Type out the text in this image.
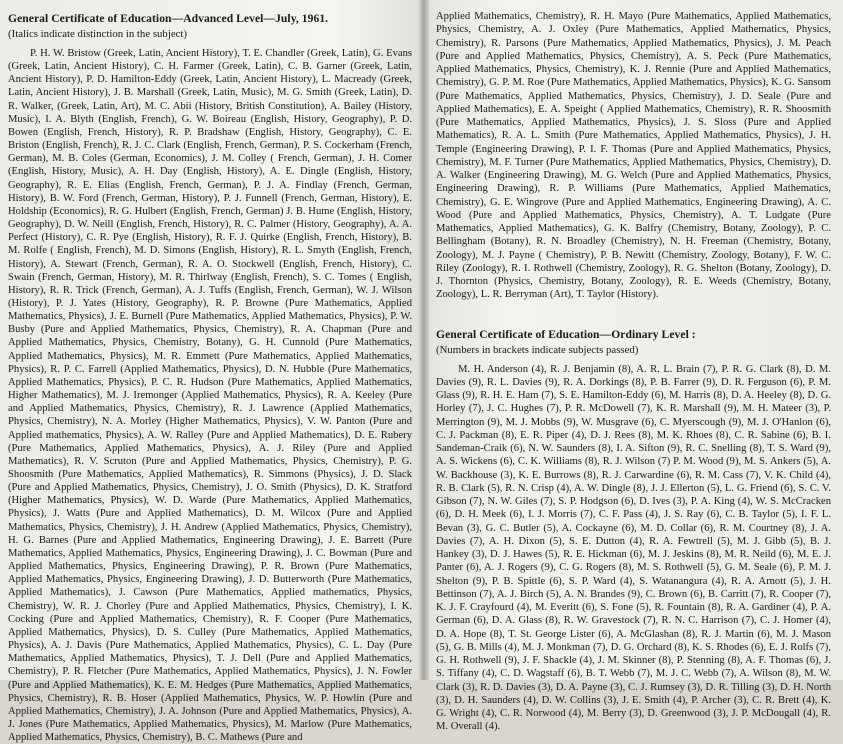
General Certificate of Education—Advanced Level—July, 1961.

(Italics indicate distinction in the subject)

P. H. W. Bristow (Greek, Latin, Ancient History), T. E. Chandler (Greek, Latin), G. Evans (Greek, Latin, Ancient History), C. H. Farmer (Greek, Latin), C. B. Garner (Greek, Latin, Ancient History), P. D. Hamilton-Eddy (Greek, Latin, Ancient History), L. Macready (Greek, Latin, Ancient History), J. B. Marshall (Greek, Latin, Music), M. G. Smith (Greek, Latin), D. R. Walker, (Greek, Latin, Art), M. C. Abii (History, British Constitution), A. Bailey (History, Music), I. A. Blyth (English, French), G. W. Boireau (English, History, Geography), P. D. Bowen (English, French, History), R. P. Bradshaw (English, History, Geography), C. E. Briston (English, French), R. J. C. Clark (English, French, German), P. S. Cockerham (French, German), M. B. Coles (German, Economics), J. M. Colley ( French, German), J. H. Comer (English, History, Music), A. H. Day (English, History), A. E. Dingle (English, History, Geography), R. E. Elias (English, French, German), P. J. A. Findlay (French, German, History), B. W. Ford (French, German, History), P. J. Funnell (French, German, History), E. Holdship (Economics), R. G. Hulbert (English, French, German) J. B. Hume (English, History, Geography), D. W. Neill (English, French, History), R. C. Palmer (History, Geography), A. A. Perfect (History), C. R. Pye (English, History), R. F. J. Quirke (English, French, History), B. M. Rolfe ( English, French), M. D. Simons (English, History), R. L. Smyth (English, French, History), A. Stewart (French, German), R. A. O. Stockwell (English, French, History), C. Swain (French, German, History), M. R. Thirlway (English, French), S. C. Tomes ( English, History), R. R. Trick (French, German), A. J. Tuffs (English, French, German), W. J. Wilson (History), P. J. Yates (History, Geography), R. P. Browne (Pure Mathematics, Applied Mathematics, Physics), J. E. Burnell (Pure Mathematics, Applied Mathematics, Physics), P. W. Busby (Pure and Applied Mathematics, Physics, Chemistry), R. A. Chapman (Pure and Applied Mathematics, Physics, Chemistry, Botany), G. H. Cunnold (Pure Mathematics, Applied Mathematics, Physics), M. R. Emmett (Pure Mathematics, Applied Mathematics, Physics), R. P. C. Farrell (Applied Mathematics, Physics), D. N. Hubble (Pure Mathematics, Applied Mathematics, Physics), P. C. R. Hudson (Pure Mathematics, Applied Mathematics, Higher Mathematics), M. J. Iremonger (Applied Mathematics, Physics), R. A. Keeley (Pure and Applied Mathematics, Physics, Chemistry), R. J. Lawrence (Applied Mathematics, Physics, Chemistry), N. A. Morley (Higher Mathematics, Physics), V. W. Panton (Pure and Applied mathematics, Physics), A. W. Ralley (Pure and Applied Mathematics), D. E. Rubery (Pure Mathematics, Applied Mathematics, Physics), A. J. Riley (Pure and Applied Mathematics), R. V. Scruton (Pure and Applied Mathematics, Physics, Chemistry), P. G. Shoosmith (Pure Mathematics, Applied Mathematics), R. Simmons (Physics), J. D. Slack (Pure and Applied Mathematics, Physics, Chemistry), J. O. Smith (Physics), D. K. Stratford (Higher Mathematics, Physics), W. D. Warde (Pure Mathematics, Applied Mathematics, Physics), J. Watts (Pure and Applied Mathematics), D. M. Wilcox (Pure and Applied Mathematics, Physics, Chemistry), J. H. Andrew (Applied Mathematics, Physics, Chemistry), H. G. Barnes (Pure and Applied Mathematics, Engineering Drawing), J. E. Barrett (Pure Mathematics, Applied Mathematics, Physics, Engineering Drawing), J. C. Bowman (Pure and Applied Mathematics, Physics, Engineering Drawing), P. R. Brown (Pure Mathematics, Applied Mathematics, Physics, Engineering Drawing), J. D. Butterworth (Pure Mathematics, Applied Mathematics), J. Cawson (Pure Mathematics, Applied mathematics, Physics, Chemistry), W. R. J. Chorley (Pure and Applied Mathematics, Physics, Chemistry), I. K. Cocking (Pure and Applied Mathematics, Chemistry), R. F. Cooper (Pure Mathematics, Applied Mathematics, Physics), D. S. Culley (Pure Mathematics, Applied Mathematics, Physics), A. J. Davis (Pure Mathematics, Applied Mathematics, Physics), C. L. Day (Pure Mathematics, Applied Mathematics, Physics), T. J. Dell (Pure and Applied Mathematics, Chemistry), P. R. Fletcher (Pure Mathematics, Applied Mathematics, Physics), J. N. Fowler (Pure and Applied Mathematics), K. E. M. Hedges (Pure Mathematics, Applied Mathematics, Physics, Chemistry), R. B. Hoser (Applied Mathematics, Physics, W. P. Howlin (Pure and Applied Mathematics, Chemistry), J. A. Johnson (Pure and Applied Mathematics, Physics), A. J. Jones (Pure Mathematics, Applied Mathematics, Physics), M. Marlow (Pure Mathematics, Applied Mathematics, Physics, Chemistry), B. C. Mathews (Pure and

Applied Mathematics, Chemistry), R. H. Mayo (Pure Mathematics, Applied Mathematics, Physics, Chemistry, A. J. Oxley (Pure Mathematics, Applied Mathematics, Physics, Chemistry), R. Parsons (Pure Mathematics, Applied Mathematics, Physics), J. M. Peach (Pure and Applied Mathematics, Physics, Chemistry), A. S. Peck (Pure Mathematics, Applied Mathematics, Physics, Chemistry), K. J. Rennie (Pure and Applied Mathematics, Chemistry), G. P. M. Roe (Pure Mathematics, Applied Mathematics, Physics), K. G. Sansom (Pure Mathematics, Applied Mathematics, Physics, Chemistry), J. D. Seale (Pure and Applied Mathematics), E. A. Speight ( Applied Mathematics, Chemistry), R. R. Shoosmith (Pure Mathematics, Applied Mathematics, Physics), J. S. Sloss (Pure and Applied Mathematics), R. A. L. Smith (Pure Mathematics, Applied Mathematics, Physics), J. H. Temple (Engineering Drawing), P. I. F. Thomas (Pure and Applied Mathematics, Physics, Chemistry), M. F. Turner (Pure Mathematics, Applied Mathematics, Physics, Chemistry), D. A. Walker (Engineering Drawing), M. G. Welch (Pure and Applied Mathematics, Physics, Engineering Drawing), R. P. Williams (Pure Mathematics, Applied Mathematics, Chemistry), G. E. Wingrove (Pure and Applied Mathematics, Engineering Drawing), A. C. Wood (Pure and Applied Mathematics, Physics, Chemistry), A. T. Ludgate (Pure Mathematics, Applied Mathematics), G. K. Balfry (Chemistry, Botany, Zoology), P. C. Bellingham (Botany), R. N. Broadley (Chemistry), N. H. Freeman (Chemistry, Botany, Zoology), M. J. Payne ( Chemistry), P. B. Newitt (Chemistry, Zoology, Botany), F. W. C. Riley (Zoology), R. I. Rothwell (Chemistry, Zoology), R. G. Shelton (Botany, Zoology), D. J. Thornton (Physics, Chemistry, Botany, Zoology), R. E. Weeds (Chemistry, Botany, Zoology), L. R. Berryman (Art), T. Taylor (History).

General Certificate of Education—Ordinary Level :

(Numbers in brackets indicate subjects passed)

M. H. Anderson (4), R. J. Benjamin (8), A. R. L. Brain (7), P. R. G. Clark (8), D. M. Davies (9), R. L. Davies (9), R. A. Dorkings (8), P. B. Farrer (9), D. R. Ferguson (6), P. M. Glass (9), R. H. E. Ham (7), S. E. Hamilton-Eddy (6), M. Harris (8), D. A. Heeley (8), D. G. Horley (7), J. C. Hughes (7), P. R. McDowell (7), K. R. Marshall (9), M. H. Mateer (3), P. Merrington (9), M. J. Mobbs (9), W. Musgrave (6), C. Myerscough (9), M. J. O'Hanlon (6), C. J. Packman (8), E. R. Piper (4), D. J. Rees (8), M. K. Rhoes (8), C. R. Sabine (6), B. I. Sandeman-Craik (6), N. W. Saunders (8), I. A. Sifton (9), R. C. Snelling (8), T. S. Ward (9), A. S. Wickens (6), C. K. Williams (8), R. J. Wilson (7) P. M. Wood (9), M. S. Ankers (5), A. W. Backhouse (3), K. E. Burrows (8), R. J. Carwardine (6), R. M. Cass (7), V. K. Child (4), R. B. Clark (5), R. N. Crisp (4), A. W. Dingle (8), J. J. Ellerton (5), L. G. Friend (6), S. C. V. Gibson (7), N. W. Giles (7), S. P. Hodgson (6), D. Ives (3), P. A. King (4), W. S. McCracken (6), D. H. Meek (6), I. J. Morris (7), C. F. Pass (4), J. S. Ray (6), C. B. Taylor (5), I. F. L. Bevan (3), G. C. Butler (5), A. Cockayne (6), M. D. Collar (6), R. M. Courtney (8), J. A. Davies (7), A. H. Dixon (5), S. E. Dutton (4), R. A. Fewtrell (5), M. J. Gibb (5), B. J. Hankey (3), D. J. Hawes (5), R. E. Hickman (6), M. J. Jeskins (8), M. R. Neild (6), M. E. J. Panter (6), A. J. Rogers (9), C. G. Rogers (8), M. S. Rothwell (5), G. M. Seale (6), P. M. J. Shelton (9), P. B. Spittle (6), S. P. Ward (4), S. Watanangura (4), R. A. Arnott (5), J. H. Bettinson (7), A. J. Birch (5), A. N. Brandes (9), C. Brown (6), B. Carritt (7), R. Cooper (7), K. J. F. Crayfourd (4), M. Everitt (6), S. Fone (5), R. Fountain (8), R. A. Gardiner (4), P. A. German (6), D. A. Glass (8), R. W. Gravestock (7), R. N. C. Harrison (7), C. J. Homer (4), D. A. Hope (8), T. St. George Lister (6), A. McGlashan (8), R. J. Martin (6), M. J. Mason (5), G. B. Mills (4), M. J. Monkman (7), D. G. Orchard (8), K. S. Rhodes (6), E. J. Rolfs (7), G. H. Rothwell (9), J. F. Shackle (4), J. M. Skinner (8), P. Stenning (8), A. F. Thomas (6), J. S. Tiffany (4), C. D. Wagstaff (6), B. T. Webb (7), M. J. C. Webb (7), A. Wilson (8), M. W. Clark (3), R. D. Davies (3), D. A. Payne (3), C. J. Rumsey (3), D. R. Tilling (3), D. H. North (3), D. H. Saunders (4), D. W. Collins (3), J. E. Smith (4), P. Archer (3), C. R. Brett (4), K. G. Wright (4), C. R. Norwood (4), M. Berry (3), D. Greenwood (3), J. P. McDougall (4), R. M. Overall (4).
